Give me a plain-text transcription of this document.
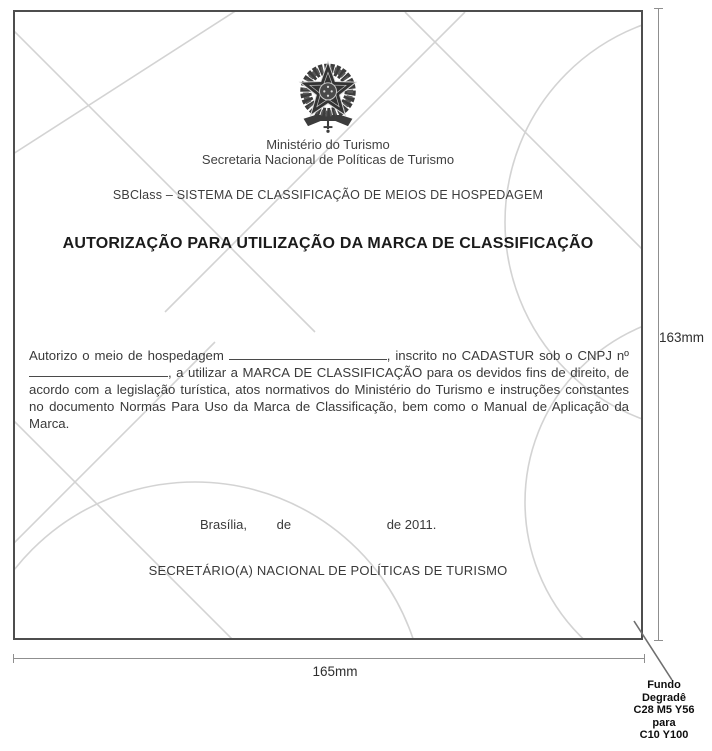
Ministério do Turismo
Secretaria Nacional de Políticas de Turismo
SBClass – SISTEMA DE CLASSIFICAÇÃO DE MEIOS DE HOSPEDAGEM
AUTORIZAÇÃO PARA UTILIZAÇÃO DA MARCA DE CLASSIFICAÇÃO

Autorizo o meio de hospedagem	, inscrito no CADASTUR sob o CNPJ nº , a utilizar a MARCA DE CLASSIFICAÇÃO para os devidos fins de direito, de acordo com a legislação turística, atos normativos do Ministério do Turismo e instruções constantes no documento Normas Para Uso da Marca de Classificação, bem como o Manual de Aplicação da Marca.

Brasília, de	de 2011.
SECRETÁRIO(A) NACIONAL DE POLÍTICAS DE TURISMO
163mm
165mm
Fundo
Degradê
C28 M5 Y56
para
C10 Y100
